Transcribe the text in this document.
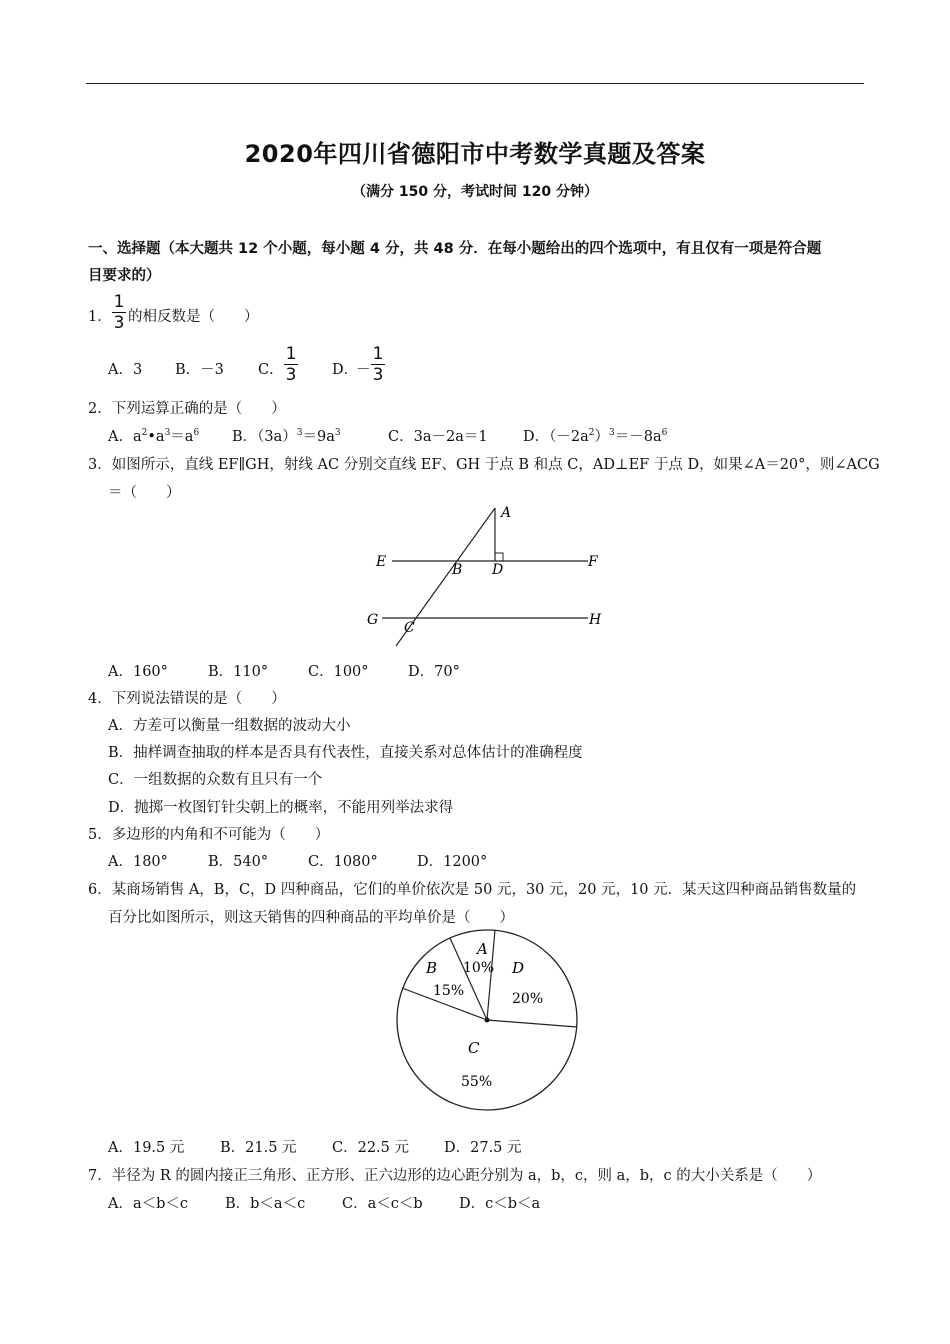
2020年四川省德阳市中考数学真题及答案
（满分 150 分，考试时间 120 分钟）
一、选择题（本大题共 12 个小题，每小题 4 分，共 48 分．在每小题给出的四个选项中，有且仅有一项是符合题
目要求的）
1．
1
3 的相反数是（　　）
A．3 B．－3 C．
1
3 D．
－
1
3
2．下列运算正确的是（　　）
A．$a^2•a^3=a^6$ B．$(3a)^3=9a^3$	C．3a－2a＝1 D．$(-2a^2)^3=-8a^6$
3．如图所示，直线 EF∥GH，射线 AC 分别交直线 EF、GH 于点 B 和点 C，AD⊥EF 于点 D，如果∠A＝20°，则∠ACG
＝（　　）
A
B D
E	F
G C	H
A．160°	B．110°	C．100°	D．70°
4．下列说法错误的是（　　）
A．方差可以衡量一组数据的波动大小
B．抽样调查抽取的样本是否具有代表性，直接关系对总体估计的准确程度
C．一组数据的众数有且只有一个
D．抛掷一枚图钉针尖朝上的概率，不能用列举法求得
5．多边形的内角和不可能为（　　）
A．180°	B．540°	C．1080°	D．1200°
6．某商场销售 A，B，C，D 四种商品，它们的单价依次是 50 元，30 元，20 元，10 元．某天这四种商品销售数量的
百分比如图所示，则这天销售的四种商品的平均单价是（　　）
A
10%
B
15%
D
20%
C
55%
A．19.5 元 B．21.5 元 C．22.5 元 D．27.5 元
7．半径为 R 的圆内接正三角形、正方形、正六边形的边心距分别为 a，b，c，则 a，b，c 的大小关系是（　　）
A．a＜b＜c	B．b＜a＜c	C．a＜c＜b	D．c＜b＜a
